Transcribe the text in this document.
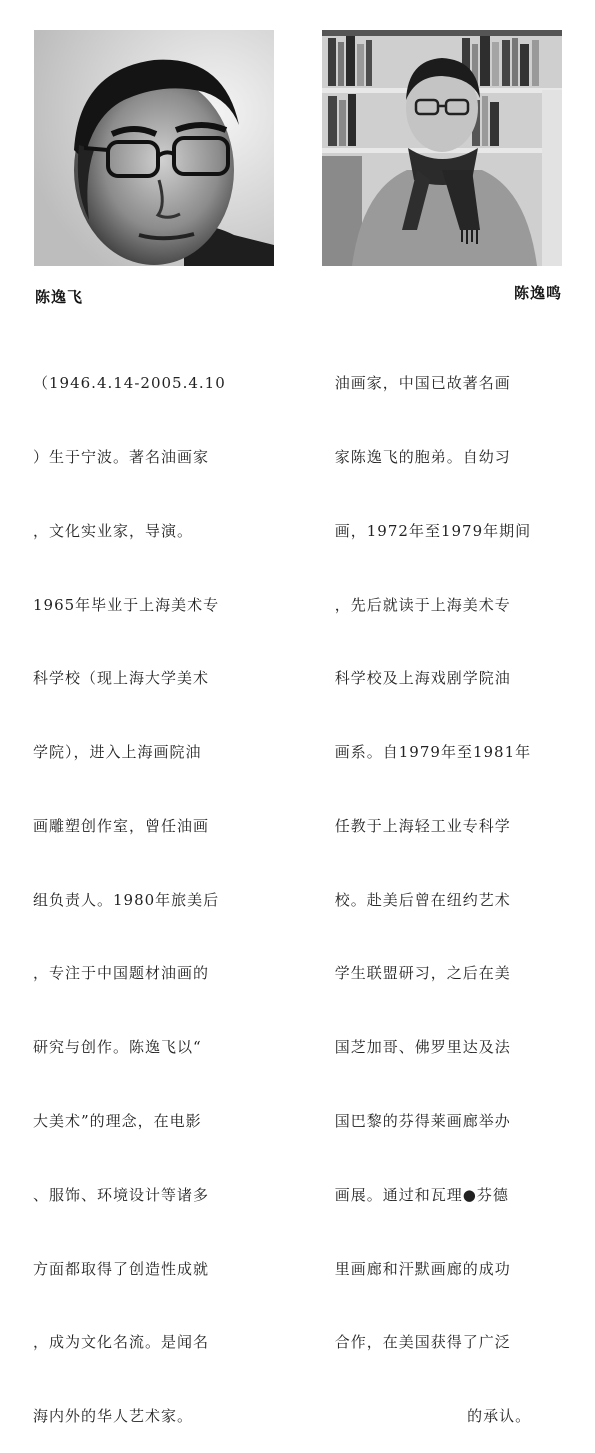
陈逸飞	陈逸鸣

（1946.4.14-2005.4.10

）生于宁波。著名油画家

，文化实业家，导演。

1965年毕业于上海美术专

科学校（现上海大学美术

学院），进入上海画院油

画雕塑创作室，曾任油画

组负责人。1980年旅美后

，专注于中国题材油画的

研究与创作。陈逸飞以“

大美术”的理念，在电影

、服饰、环境设计等诸多

方面都取得了创造性成就

，成为文化名流。是闻名

海内外的华人艺术家。

油画家，中国已故著名画

家陈逸飞的胞弟。自幼习

画，1972年至1979年期间

，先后就读于上海美术专

科学校及上海戏剧学院油

画系。自1979年至1981年

任教于上海轻工业专科学

校。赴美后曾在纽约艺术

学生联盟研习，之后在美

国芝加哥、佛罗里达及法

国巴黎的芬得莱画廊举办

画展。通过和瓦理●芬德

里画廊和汗默画廊的成功

合作，在美国获得了广泛

的承认。
